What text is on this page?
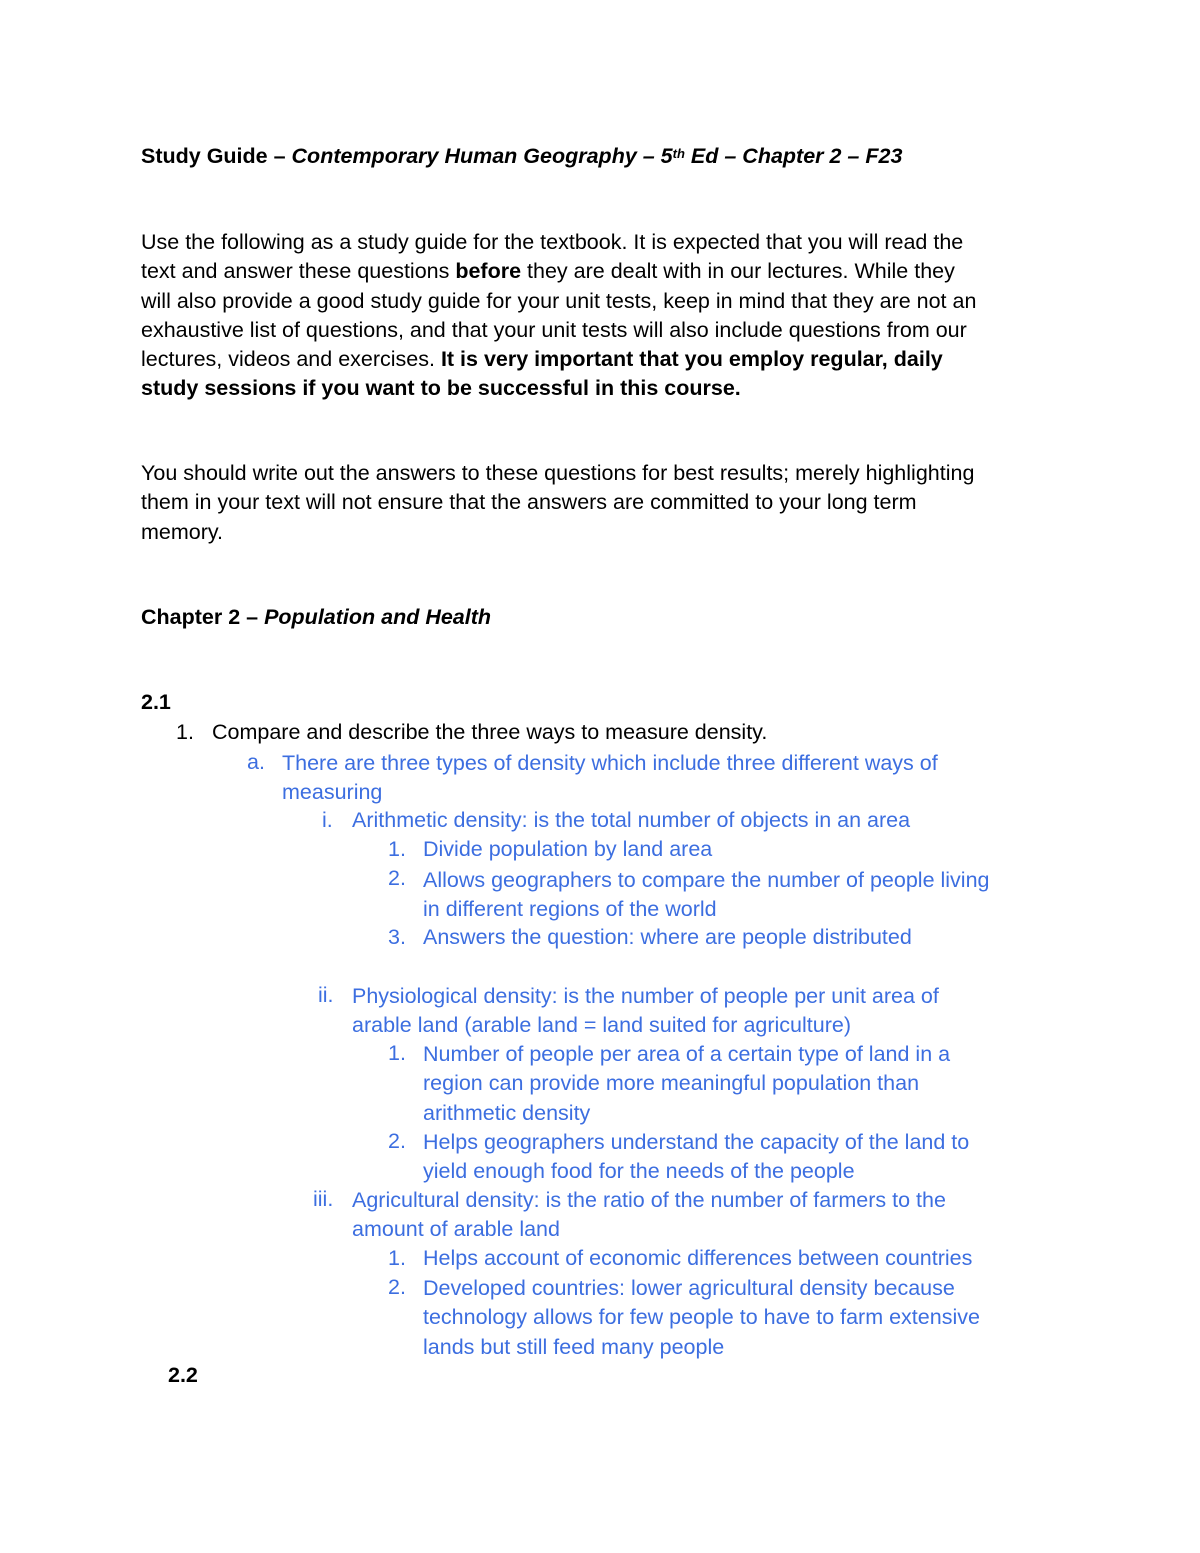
Study Guide – Contemporary Human Geography – 5th Ed – Chapter 2 – F23
Use the following as a study guide for the textbook. It is expected that you will read the
text and answer these questions before they are dealt with in our lectures. While they
will also provide a good study guide for your unit tests, keep in mind that they are not an
exhaustive list of questions, and that your unit tests will also include questions from our
lectures, videos and exercises. It is very important that you employ regular, daily
study sessions if you want to be successful in this course.
You should write out the answers to these questions for best results; merely highlighting
them in your text will not ensure that the answers are committed to your long term
memory.
Chapter 2 – Population and Health
2.1
1. Compare and describe the three ways to measure density.
a. There are three types of density which include three different ways of
measuring
i. Arithmetic density: is the total number of objects in an area
1. Divide population by land area
2. Allows geographers to compare the number of people living
in different regions of the world
3. Answers the question: where are people distributed
ii. Physiological density: is the number of people per unit area of
arable land (arable land = land suited for agriculture)
1. Number of people per area of a certain type of land in a
region can provide more meaningful population than
arithmetic density
2. Helps geographers understand the capacity of the land to
yield enough food for the needs of the people
iii. Agricultural density: is the ratio of the number of farmers to the
amount of arable land
1. Helps account of economic differences between countries
2. Developed countries: lower agricultural density because
technology allows for few people to have to farm extensive
lands but still feed many people
2.2
